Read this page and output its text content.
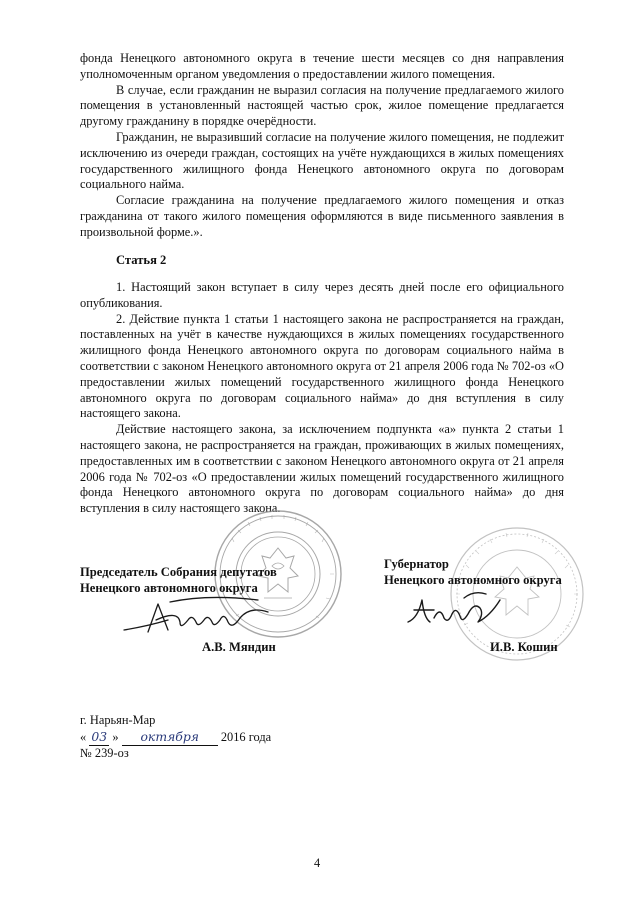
фонда Ненецкого автономного округа в течение шести месяцев со дня направления уполномоченным органом уведомления о предоставлении жилого помещения.

В случае, если гражданин не выразил согласия на получение предлагаемого жилого помещения в установленный настоящей частью срок, жилое помещение предлагается другому гражданину в порядке очерёдности.

Гражданин, не выразивший согласие на получение жилого помещения, не подлежит исключению из очереди граждан, состоящих на учёте нуждающихся в жилых помещениях государственного жилищного фонда Ненецкого автономного округа по договорам социального найма.

Согласие гражданина на получение предлагаемого жилого помещения и отказ гражданина от такого жилого помещения оформляются в виде письменного заявления в произвольной форме.».

Статья 2

1. Настоящий закон вступает в силу через десять дней после его официального опубликования.

2. Действие пункта 1 статьи 1 настоящего закона не распространяется на граждан, поставленных на учёт в качестве нуждающихся в жилых помещениях государственного жилищного фонда Ненецкого автономного округа по договорам социального найма в соответствии с законом Ненецкого автономного округа от 21 апреля 2006 года № 702-оз «О предоставлении жилых помещений государственного жилищного фонда Ненецкого автономного округа по договорам социального найма» до дня вступления в силу настоящего закона.

Действие настоящего закона, за исключением подпункта «а» пункта 2 статьи 1 настоящего закона, не распространяется на граждан, проживающих в жилых помещениях, предоставленных им в соответствии с законом Ненецкого автономного округа от 21 апреля 2006 года № 702-оз «О предоставлении жилых помещений государственного жилищного фонда Ненецкого автономного округа по договорам социального найма» до дня вступления в силу настоящего закона.

Председатель Собрания депутатов
Ненецкого автономного округа
Губернатор
Ненецкого автономного округа
А.В. Мяндин	И.В. Кошин
г. Нарьян-Мар
« 03 » октября 2016 года
№ 239-оз
4
